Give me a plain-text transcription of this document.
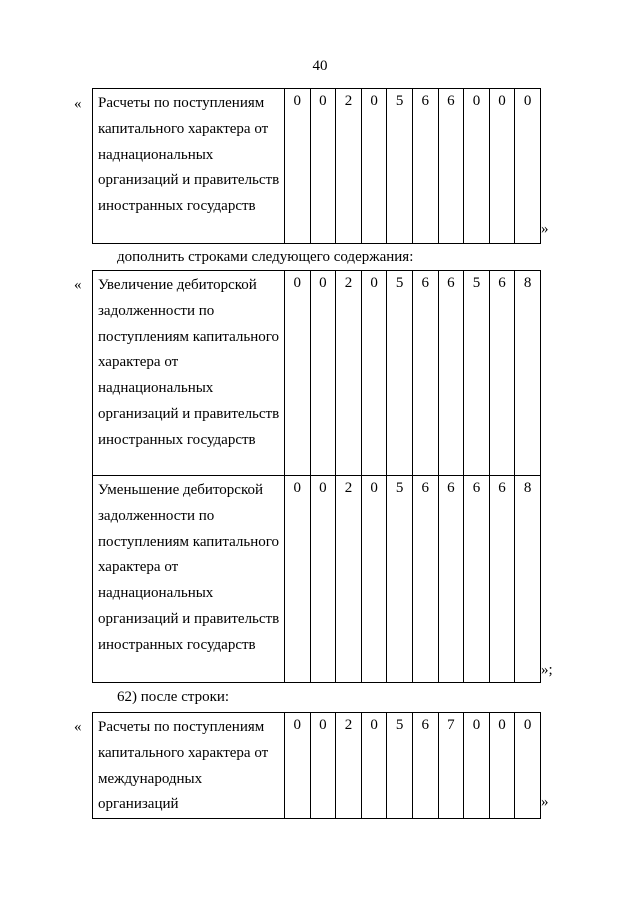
40
« Расчеты по поступлениям капитального характера от наднациональных организаций и правительств иностранных государств	0	0	2	0	5	6	6	0	0	0
»
дополнить строками следующего содержания:
« Увеличение дебиторской задолженности по поступлениям капитального характера от наднациональных организаций и правительств иностранных государств	0	0	2	0	5	6	6	5	6	8
Уменьшение дебиторской задолженности по поступлениям капитального характера от наднациональных организаций и правительств иностранных государств	0	0	2	0	5	6	6	6	6	8
»;
62) после строки:
« Расчеты по поступлениям капитального характера от международных организаций	0	0	2	0	5	6	7	0	0	0
»
